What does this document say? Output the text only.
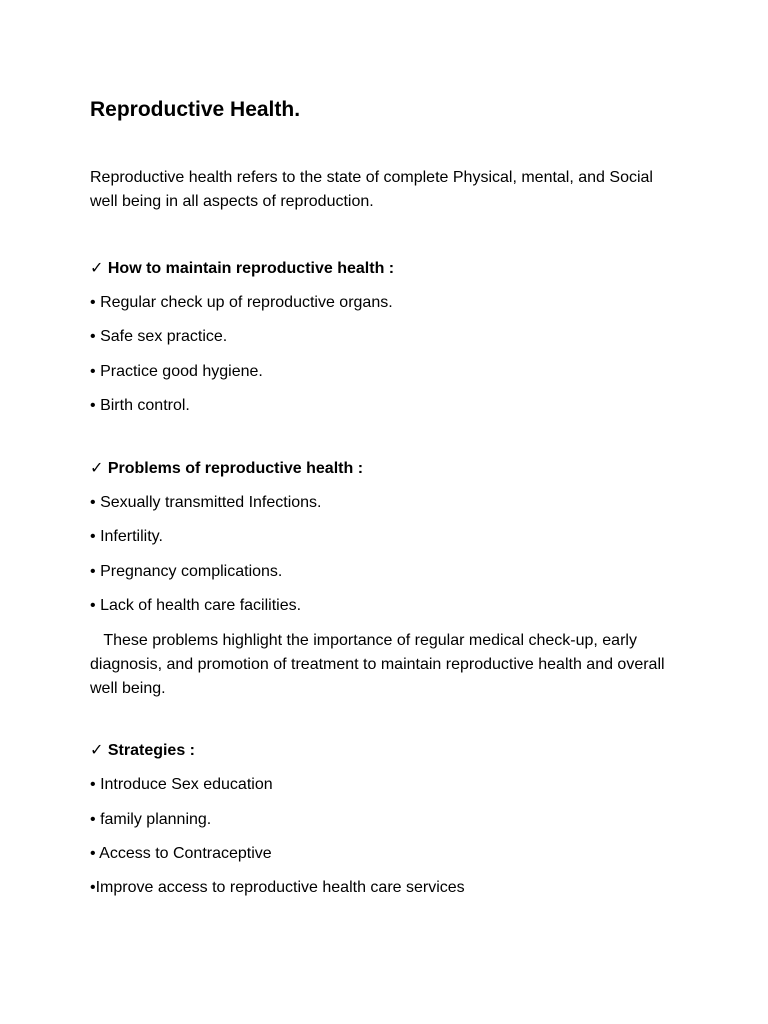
Reproductive Health.

Reproductive health refers to the state of complete Physical, mental, and Social well being in all aspects of reproduction.

✓ How to maintain reproductive health :
• Regular check up of reproductive organs.
• Safe sex practice.
• Practice good hygiene.
• Birth control.
✓ Problems of reproductive health :
• Sexually transmitted Infections.
• Infertility.
• Pregnancy complications.
• Lack of health care facilities.

These problems highlight the importance of regular medical check-up, early diagnosis, and promotion of treatment to maintain reproductive health and overall well being.

✓ Strategies :
• Introduce Sex education
• family planning.
• Access to Contraceptive
•Improve access to reproductive health care services
